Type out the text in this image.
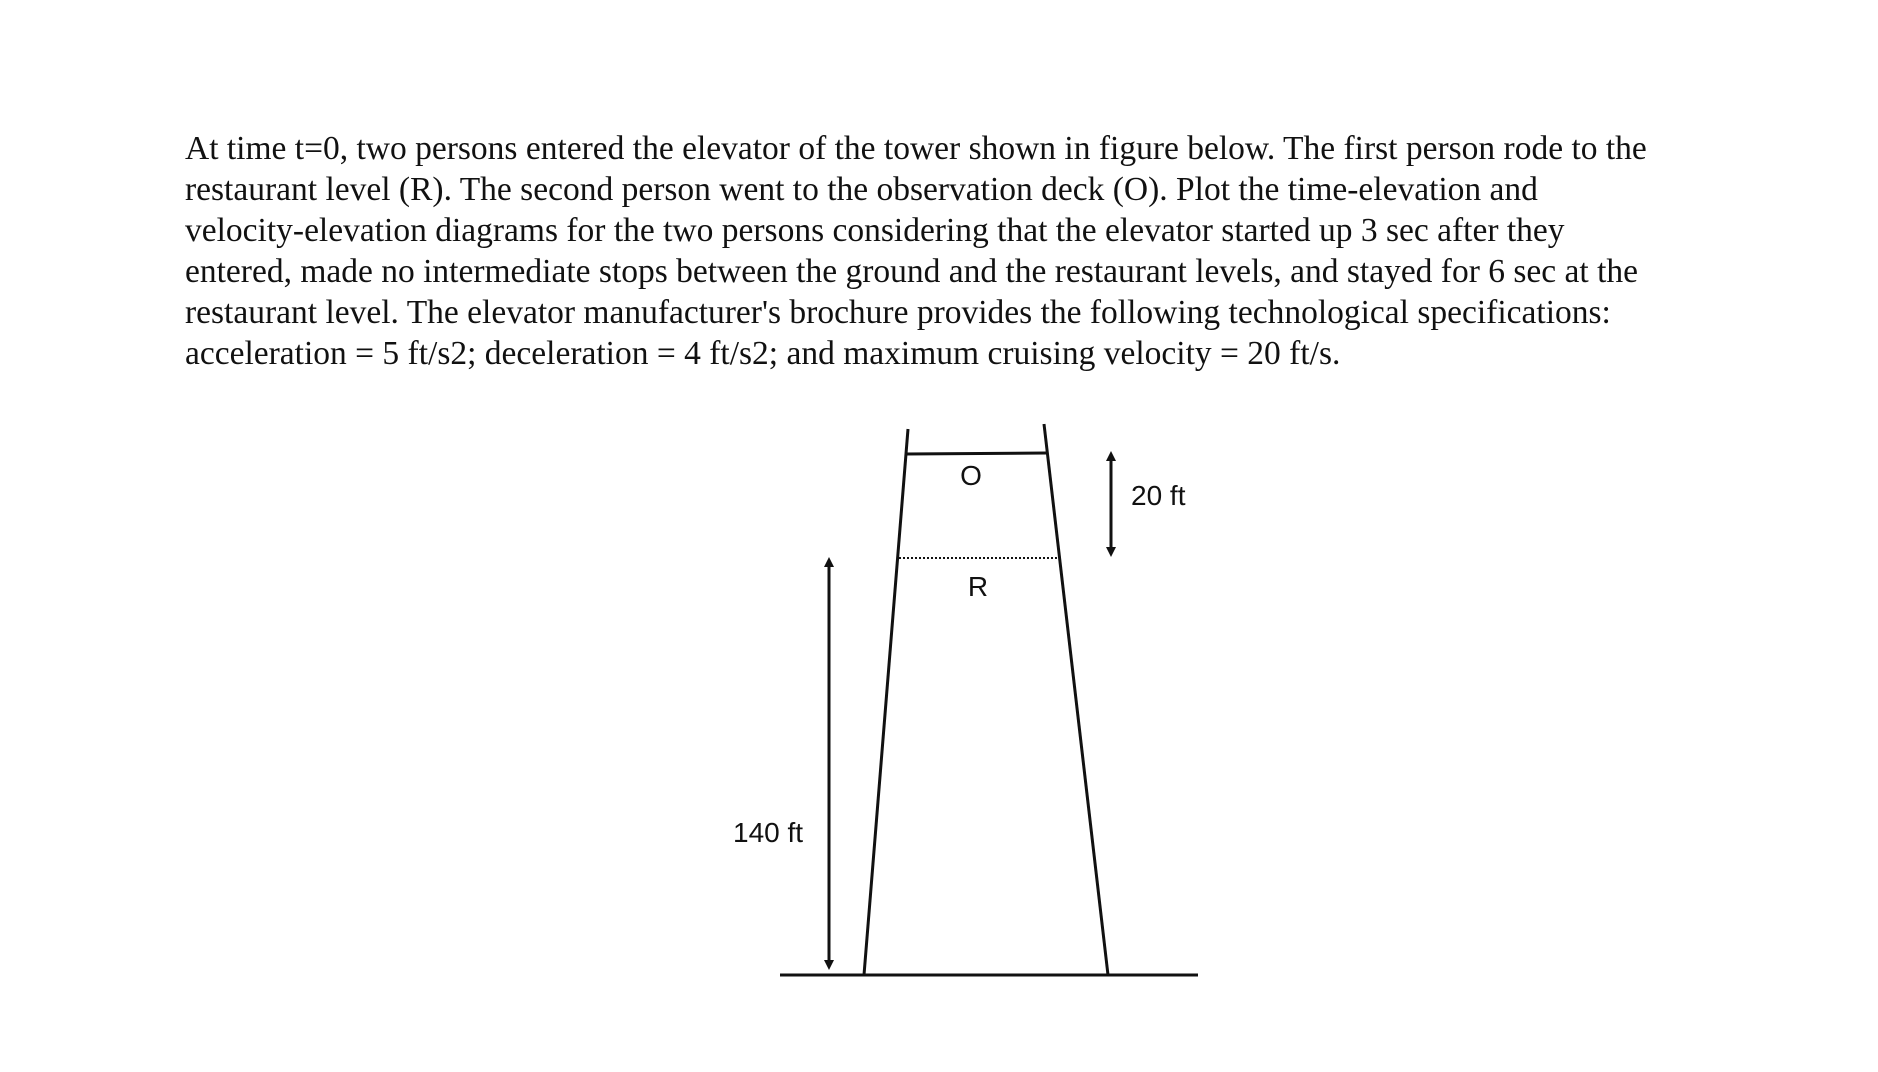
At time t=0, two persons entered the elevator of the tower shown in figure below. The first person rode to the
restaurant level (R). The second person went to the observation deck (O). Plot the time-elevation and
velocity-elevation diagrams for the two persons considering that the elevator started up 3 sec after they
entered, made no intermediate stops between the ground and the restaurant levels, and stayed for 6 sec at the
restaurant level. The elevator manufacturer's brochure provides the following technological specifications:
acceleration = 5 ft/s2; deceleration = 4 ft/s2; and maximum cruising velocity = 20 ft/s.

O
R
20 ft
140 ft
